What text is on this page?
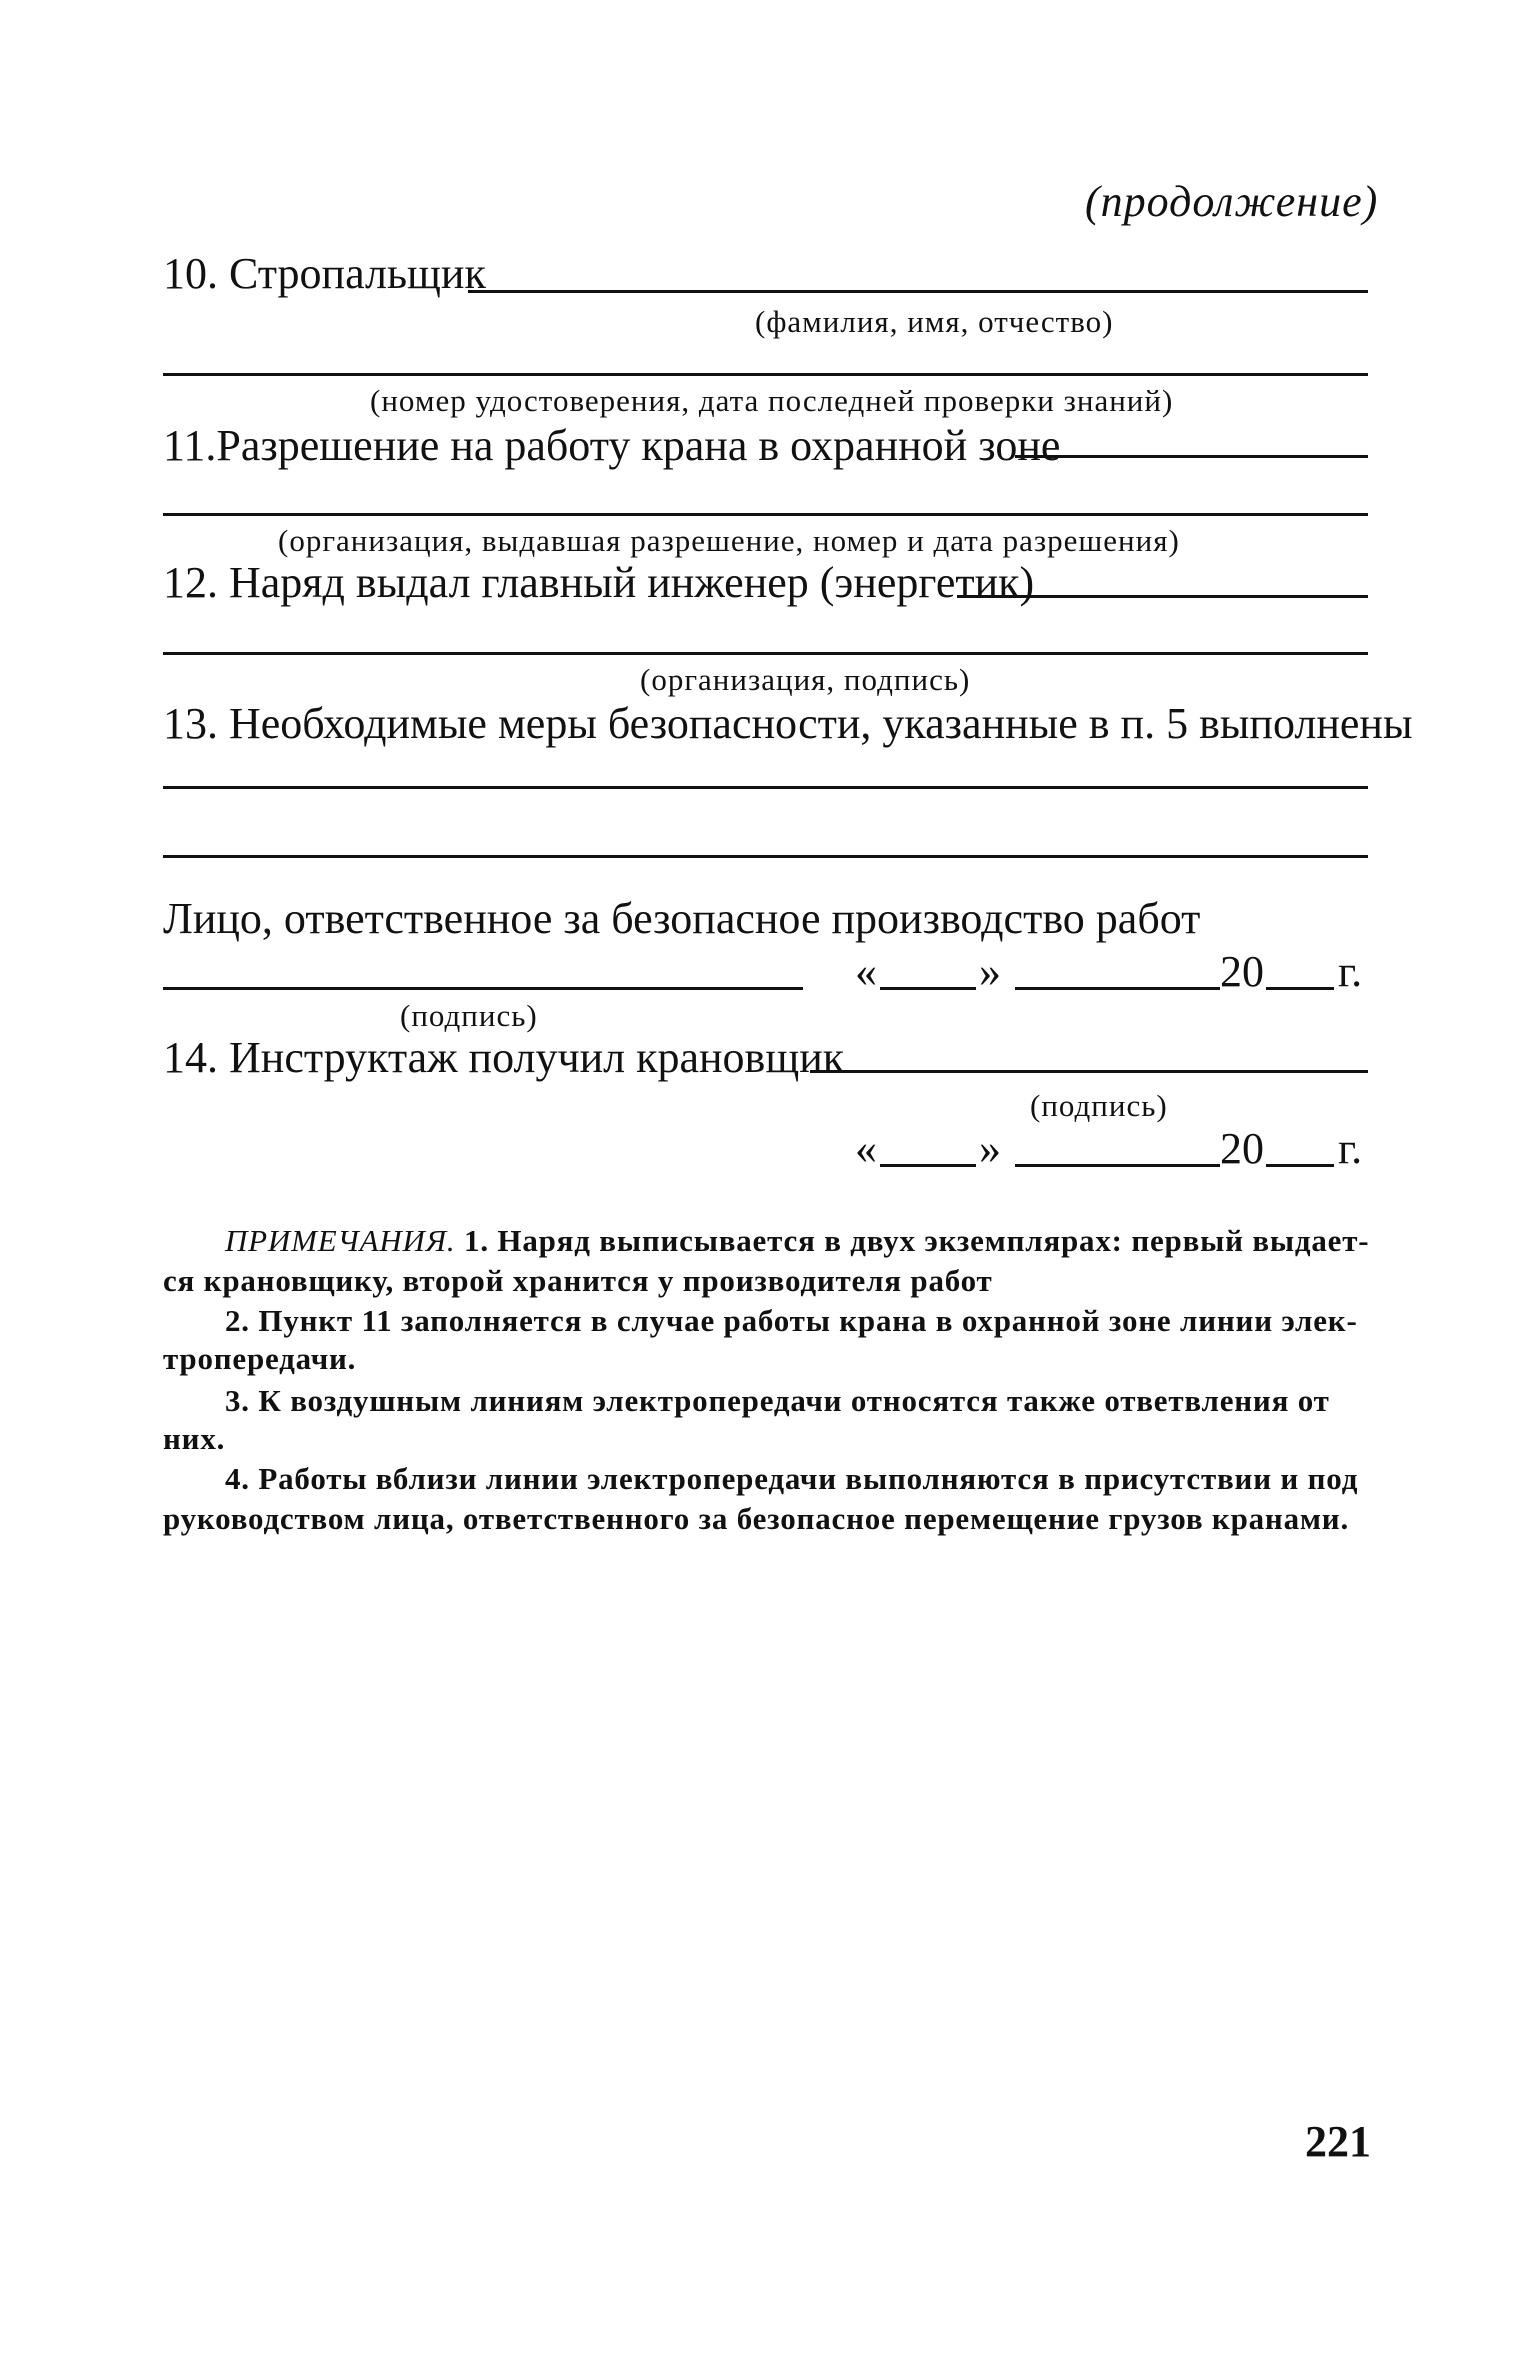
(продолжение)
10. Стропальщик
(фамилия, имя, отчество)
(номер удостоверения, дата последней проверки знаний)
11.Разрешение на работу крана в охранной зоне
(организация, выдавшая разрешение, номер и дата разрешения)
12. Наряд выдал главный инженер (энергетик)
(организация, подпись)
13. Необходимые меры безопасности, указанные в п. 5 выполнены
Лицо, ответственное за безопасное производство работ
« »	20 г.
(подпись)
14. Инструктаж получил крановщик
(подпись)
« »	20 г.
ПРИМЕЧАНИЯ. 1. Наряд выписывается в двух экземплярах: первый выдает-
ся крановщику, второй хранится у производителя работ
2. Пункт 11 заполняется в случае работы крана в охранной зоне линии элек-
тропередачи.
3. К воздушным линиям электропередачи относятся также ответвления от
них.
4. Работы вблизи линии электропередачи выполняются в присутствии и под
руководством лица, ответственного за безопасное перемещение грузов кранами.
221
